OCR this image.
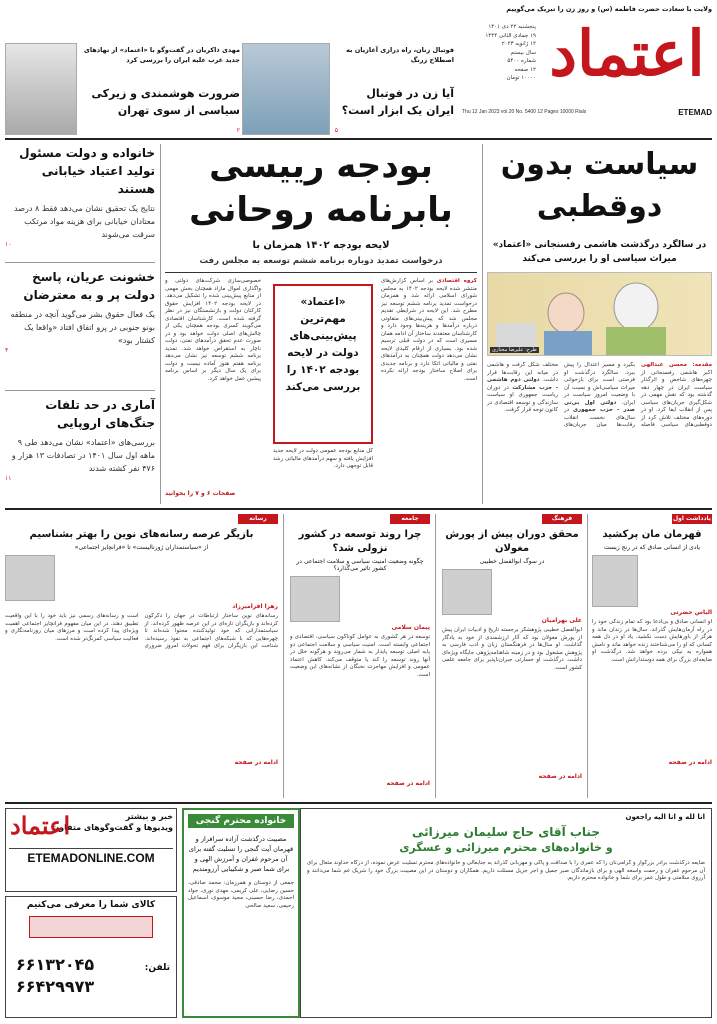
ولایت با سعادت حضرت فاطمه (س) و روز زن را تبریک می‌گوییم
اعتماد
پنجشنبه ۲۲ دی ۱۴۰۱
۱۹ جمادی الثانی ۱۴۴۴
۱۲ ژانویه ۲۰۲۳
سال بیستم
شماره ۵۴۰۰
۱۲ صفحه
۱۰۰۰۰ تومان
ETEMAD
Thu 12 Jan 2023 vol.20 No. 5400 12 Pages 10000 Rials
فوتبال زنان، راه درازی آغازیان به اصطلاح زرنگ
آیا زن در فوتبال ایران یک ابزار است؟
۵
مهدی ذاکریان در گفت‌وگو با «اعتماد» از نهادهای جدید غرب علیه ایران را بررسی کرد
ضرورت هوشمندی و زیرکی سیاسی از سوی تهران
۲
خانواده و دولت مسئول تولید اعتیاد خیابانی هستند
نتایج یک تحقیق نشان می‌دهد فقط ۸ درصد معتادان خیابانی برای هزینه مواد مرتکب سرقت می‌شوند
۱۰
خشونت عریان، پاسخ دولت پر و به معترضان
یک فعال حقوق بشر می‌گوید آنچه در منطقه بونو جنوبی در پرو اتفاق افتاد «واقعا یک کشتار بود»
۴
آماری در حد تلفات جنگ‌های اروپایی
بررسی‌های «اعتماد» نشان می‌دهد طی ۹ ماهه اول سال ۱۴۰۱ در تصادفات ۱۳ هزار و ۴۷۶ نفر کشته شدند
۱۱
بودجه رییسی بابرنامه روحانی
لایحه بودجه ۱۴۰۲ همزمان با
درخواست تمدید دوباره برنامه ششم توسعه به مجلس رفت
گروه اقتصادی بر اساس گزارش‌های منتشر شده لایحه بودجه ۱۴۰۲ به مجلس شورای اسلامی ارائه شد و همزمان درخواست تمدید برنامه ششم توسعه نیز مطرح شد. این لایحه در شرایطی تقدیم مجلس شد که پیش‌بینی‌های متفاوتی درباره درآمدها و هزینه‌ها وجود دارد و کارشناسان معتقدند ساختار آن ادامه همان مسیری است که در دولت قبلی ترسیم شده بود. بسیاری از ارقام کلیدی لایحه نشان می‌دهد دولت همچنان به درآمدهای نفتی و مالیاتی اتکا دارد و برنامه جدیدی برای اصلاح ساختار بودجه ارائه نکرده است.
«اعتماد» مهم‌ترین پیش‌بینی‌های دولت در لایحه بودجه ۱۴۰۲ را بررسی می‌کند
کل منابع بودجه عمومی دولت در لایحه جدید افزایش یافته و سهم درآمدهای مالیاتی رشد قابل توجهی دارد.
خصوصی‌سازی شرکت‌های دولتی و واگذاری اموال مازاد همچنان بخش مهمی از منابع پیش‌بینی شده را تشکیل می‌دهد. در لایحه بودجه ۱۴۰۲ افزایش حقوق کارکنان دولت و بازنشستگان نیز در نظر گرفته شده است. کارشناسان اقتصادی می‌گویند کسری بودجه همچنان یکی از چالش‌های اصلی دولت خواهد بود و در صورت عدم تحقق درآمدهای نفتی، دولت ناچار به استقراض خواهد شد. تمدید برنامه ششم توسعه نیز نشان می‌دهد برنامه هفتم هنوز آماده نیست و دولت برای یک سال دیگر بر اساس برنامه پیشین عمل خواهد کرد.
صفحات ۶ و ۷ را بخوانید
سیاست بدون دوقطبی
در سالگرد درگذشت هاشمی رفسنجانی «اعتماد» میراث سیاسی او را بررسی می‌کند
طرح: علیرضا مختاری
مقدمه: محسن عبدالهی اکبر هاشمی رفسنجانی از چهره‌های شاخص و اثرگذار سیاست ایران در چهار دهه گذشته بود که نقش مهمی در شکل‌گیری جریان‌های سیاسی پس از انقلاب ایفا کرد. او در دوره‌های مختلف تلاش کرد از دوقطبی‌های سیاسی فاصله بگیرد و مسیر اعتدال را پیش ببرد. سالگرد درگذشت او فرصتی است برای بازخوانی میراث سیاسی‌اش و نسبت آن با وضعیت امروز سیاست در ایران. دولتی اول بی‌نی صدر - حزب جمهوری در سال‌های نخست انقلاب رقابت‌ها میان جریان‌های مختلف شکل گرفت و هاشمی در میانه این رقابت‌ها قرار داشت. دولتی دوم هاشمی - حزب مشارکت در دوران ریاست جمهوری او سیاست سازندگی و توسعه اقتصادی در کانون توجه قرار گرفت.
یادداشت اول
قهرمان مان پرکشید
یادی از انسانی صادق که در رنج زیست
الیاس حضرتی
او انسانی صادق و بی‌ادعا بود که تمام زندگی خود را در راه آرمان‌هایش گذراند. سال‌ها در زندان ماند و هرگز از باورهایش دست نکشید. یاد او در دل همه کسانی که او را می‌شناختند زنده خواهد ماند و نامش همواره به نیکی برده خواهد شد. درگذشت او ضایعه‌ای بزرگ برای همه دوستدارانش است.
ادامه در صفحه
فرهنگ
محقق دوران پیش از پورش مغولان
در سوگ ابوالفضل خطیبی
علی بهرامیان
ابوالفضل خطیبی پژوهشگر برجسته تاریخ و ادبیات ایران پیش از یورش مغولان بود که آثار ارزشمندی از خود به یادگار گذاشت. او سال‌ها در فرهنگستان زبان و ادب فارسی به پژوهش مشغول بود و در زمینه شاهنامه‌پژوهی جایگاه ویژه‌ای داشت. درگذشت او خسارتی جبران‌ناپذیر برای جامعه علمی کشور است.
ادامه در صفحه
جامعه
چرا روند توسعه در کشور نزولی شد؟
چگونه وضعیت امنیت سیاسی و سلامت اجتماعی در کشور تاثیر می‌گذارد؟
پیمان سلامی
توسعه در هر کشوری به عوامل گوناگون سیاسی، اقتصادی و اجتماعی وابسته است. امنیت سیاسی و سلامت اجتماعی دو پایه اصلی توسعه پایدار به شمار می‌روند و هرگونه خلل در آنها روند توسعه را کند یا متوقف می‌کند. کاهش اعتماد عمومی و افزایش مهاجرت نخبگان از نشانه‌های این وضعیت است.
ادامه در صفحه
رسانه
بازیگر عرصه رسانه‌های نوین را بهتر بشناسیم
از «سیاستمداران ژورنالیست» تا «فرانچایز اجتماعی»
زهرا افرامیرزاد
رسانه‌های نوین ساختار ارتباطات در جهان را دگرگون کرده‌اند و بازیگران تازه‌ای در این عرصه ظهور کرده‌اند. از سیاستمدارانی که خود تولیدکننده محتوا شده‌اند تا چهره‌هایی که با شبکه‌های اجتماعی به نفوذ رسیده‌اند. شناخت این بازیگران برای فهم تحولات امروز ضروری است و رسانه‌های رسمی نیز باید خود را با این واقعیت تطبیق دهند. در این میان مفهوم فرانچایز اجتماعی اهمیت ویژه‌ای پیدا کرده است و مرزهای میان روزنامه‌نگاری و فعالیت سیاسی کمرنگ‌تر شده است.
ادامه در صفحه
انا لله و انا الیه راجعون
جناب آقای حاج سلیمان میرزائی
و خانواده‌های محترم میرزائی و عسگری
ضایعه درگذشت برادر بزرگوار و گرامی‌تان را که عمری را با صداقت و پاکی و مهربانی گذراند به جنابعالی و خانواده‌های محترم تسلیت عرض نموده، از درگاه خداوند متعال برای آن مرحوم غفران و رحمت واسعه الهی و برای بازماندگان صبر جمیل و اجر جزیل مسئلت داریم. همکاران و دوستان در این مصیبت بزرگ خود را شریک غم شما می‌دانند و آرزوی سلامتی و طول عمر برای شما و خانواده محترم داریم.
خانواده محترم گنجی
مصیبت درگذشت آزاده سرافراز و قهرمان آیت گنجی را تسلیت گفته برای آن مرحوم غفران و آمرزش الهی و برای شما صبر و شکیبایی آرزومندیم
جمعی از دوستان و همرزمان: محمد صادقی، حسین رضایی، علی کریمی، مهدی نوری، جواد احمدی، رضا حسینی، مجید موسوی، اسماعیل رحیمی، سعید صالحی
اعتماد	خبر و بیشتر
ویدیوها و گفت‌وگوهای متفاوت
ETEMADONLINE.COM
کالای شما را معرفی می‌کنیم
تلفن:
۶۶۱۳۲۰۴۵
۶۶۴۲۹۹۷۳
